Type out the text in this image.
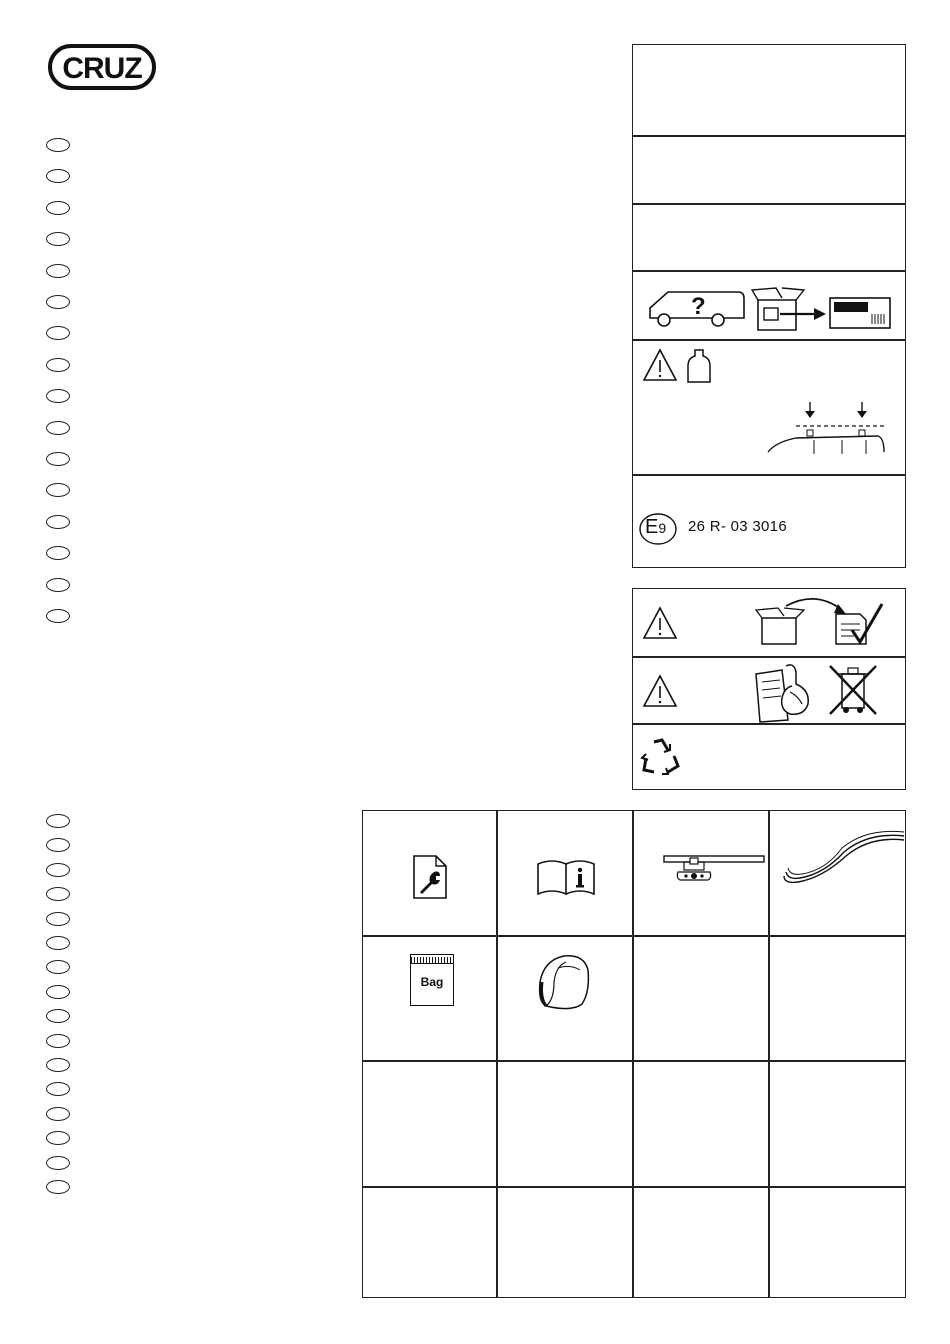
CRUZ
?
E9 26 R- 03 3016
Bag
